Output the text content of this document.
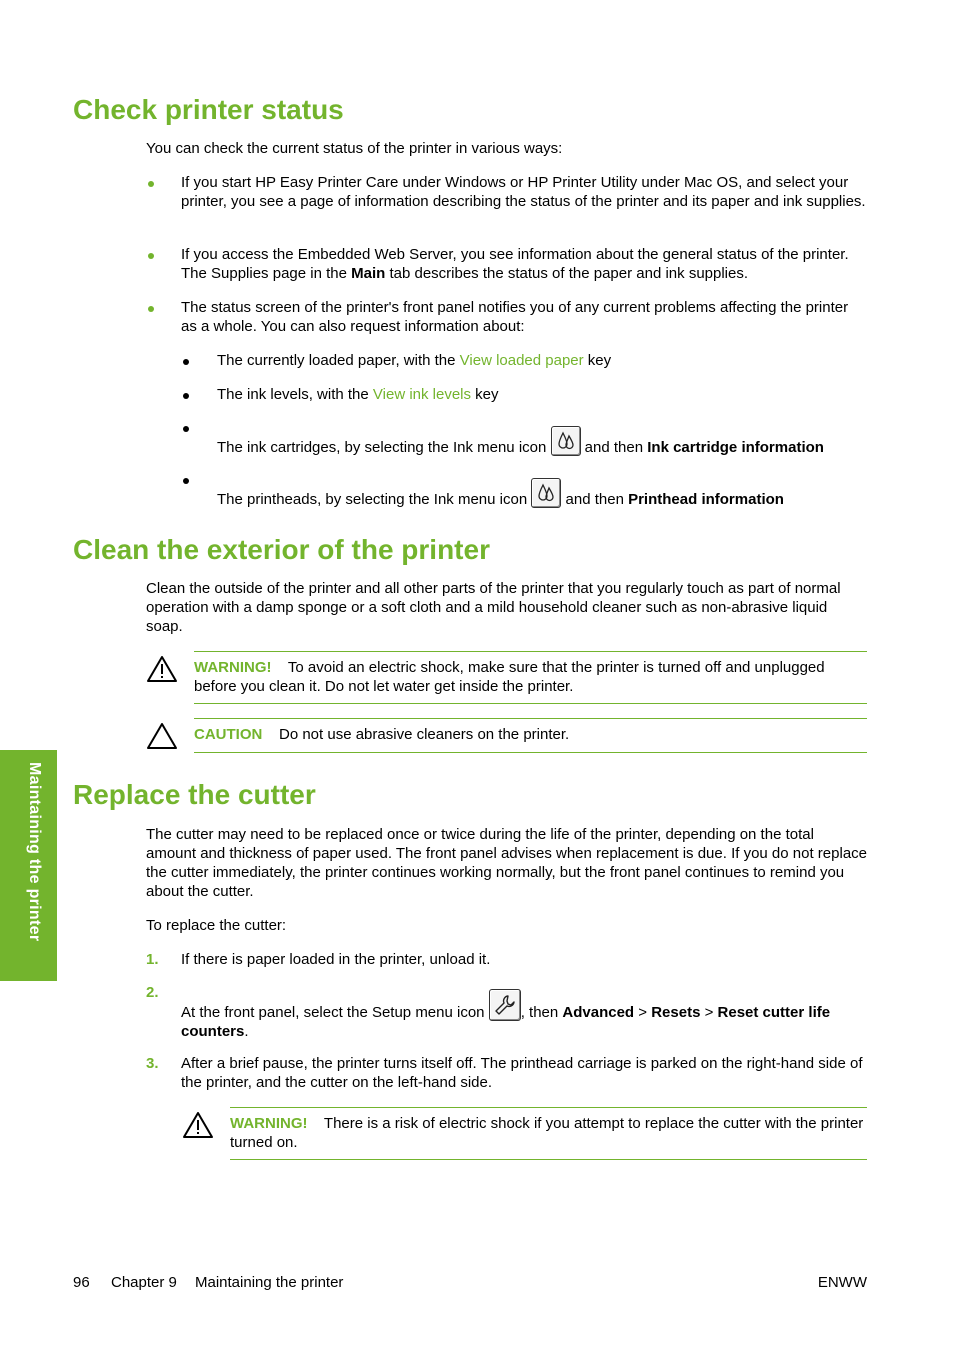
Check printer status

You can check the current status of the printer in various ways:

If you start HP Easy Printer Care under Windows or HP Printer Utility under Mac OS, and select your printer, you see a page of information describing the status of the printer and its paper and ink supplies.

If you access the Embedded Web Server, you see information about the general status of the printer. The Supplies page in the Main tab describes the status of the paper and ink supplies.

The status screen of the printer's front panel notifies you of any current problems affecting the printer as a whole. You can also request information about:

The currently loaded paper, with the View loaded paper key

The ink levels, with the View ink levels key

The ink cartridges, by selecting the Ink menu icon
and then Ink cartridge information

The printheads, by selecting the Ink menu icon
and then Printhead information

Clean the exterior of the printer

Clean the outside of the printer and all other parts of the printer that you regularly touch as part of normal operation with a damp sponge or a soft cloth and a mild household cleaner such as non-abrasive liquid soap.

WARNING! To avoid an electric shock, make sure that the printer is turned off and unplugged before you clean it. Do not let water get inside the printer.

CAUTION Do not use abrasive cleaners on the printer.

Replace the cutter

The cutter may need to be replaced once or twice during the life of the printer, depending on the total amount and thickness of paper used. The front panel advises when replacement is due. If you do not replace the cutter immediately, the printer continues working normally, but the front panel continues to remind you about the cutter.

To replace the cutter:

1. If there is paper loaded in the printer, unload it.

2.

At the front panel, select the Setup menu icon
, then Advanced > Resets > Reset cutter life counters.

3. After a brief pause, the printer turns itself off. The printhead carriage is parked on the right-hand side of the printer, and the cutter on the left-hand side.

WARNING! There is a risk of electric shock if you attempt to replace the cutter with the printer turned on.

Maintaining the printer

96 Chapter 9 Maintaining the printer	ENWW
